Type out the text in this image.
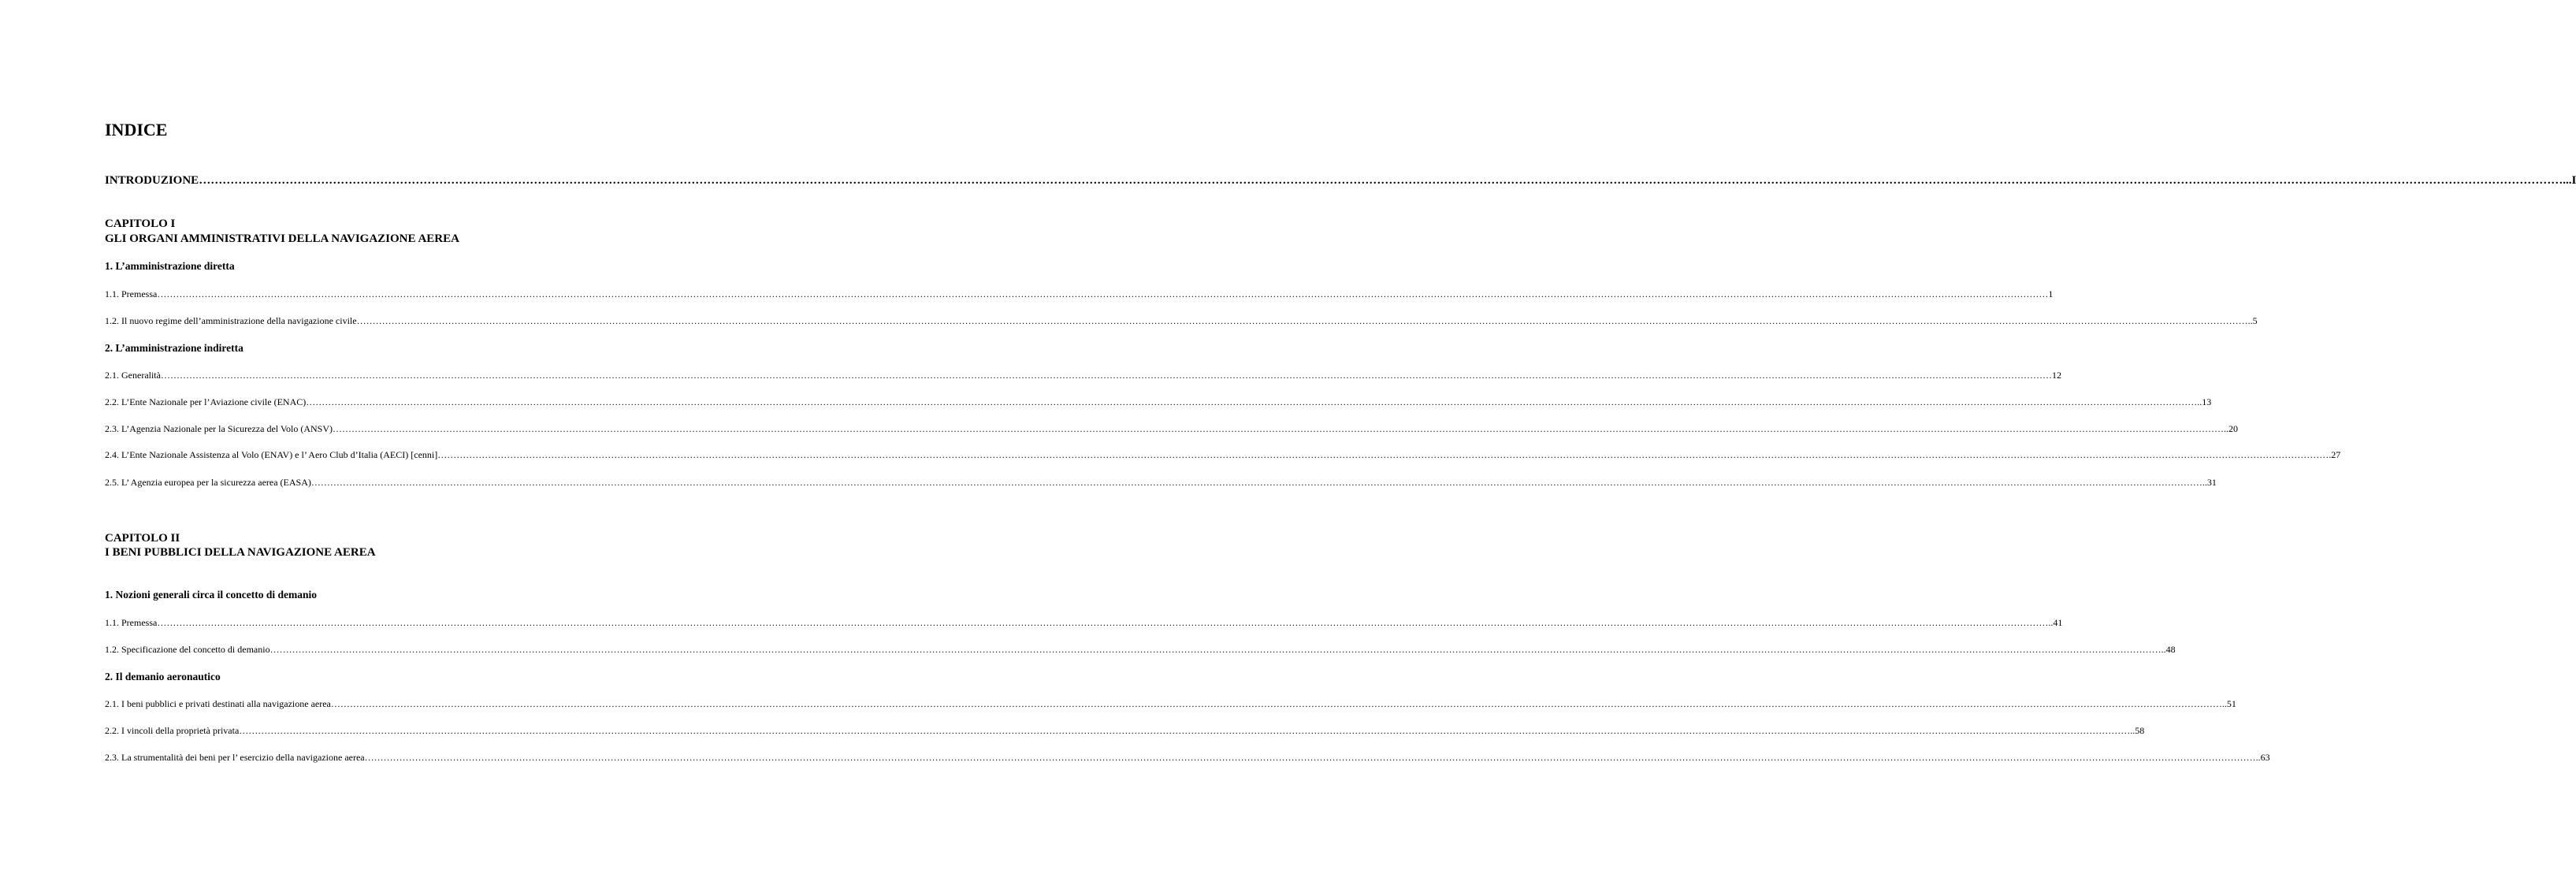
INDICE
INTRODUZIONE …………………………………………………………………………………………………………………………………………………………………………………………………………………………………………………………………………………………………………………………………………………………………………………………………………………………………………………………………………………………………………………………………………………… ...I
CAPITOLO I
GLI ORGANI AMMINISTRATIVI DELLA NAVIGAZIONE AEREA
1. L’amministrazione diretta
1.1. Premessa …………………………………………………………………………………………………………………………………………………………………………………………………………………………………………………………………………………………………………………………………………………………………………………………………………………………………………………………………………………………………………………………………………………… 1
1.2. Il nuovo regime dell’amministrazione della navigazione civile …………………………………………………………………………………………………………………………………………………………………………………………………………………………………………………………………………………………………………………………………………………………………………………………………………………………………………………………………………………………………………………………………………………… ..5
2. L’amministrazione indiretta
2.1. Generalità …………………………………………………………………………………………………………………………………………………………………………………………………………………………………………………………………………………………………………………………………………………………………………………………………………………………………………………………………………………………………………………………………………………… 12
2.2. L’Ente Nazionale per l’Aviazione civile (ENAC) …………………………………………………………………………………………………………………………………………………………………………………………………………………………………………………………………………………………………………………………………………………………………………………………………………………………………………………………………………………………………………………………………………………… ..13
2.3. L’Agenzia Nazionale per la Sicurezza del Volo (ANSV) …………………………………………………………………………………………………………………………………………………………………………………………………………………………………………………………………………………………………………………………………………………………………………………………………………………………………………………………………………………………………………………………………………………… ..20
2.4. L’Ente Nazionale Assistenza al Volo (ENAV) e l’ Aero Club d’Italia (AECI) [cenni] …………………………………………………………………………………………………………………………………………………………………………………………………………………………………………………………………………………………………………………………………………………………………………………………………………………………………………………………………………………………………………………………………………………… .27
2.5. L’ Agenzia europea per la sicurezza aerea (EASA) …………………………………………………………………………………………………………………………………………………………………………………………………………………………………………………………………………………………………………………………………………………………………………………………………………………………………………………………………………………………………………………………………………………… ..31
CAPITOLO II
I BENI PUBBLICI DELLA NAVIGAZIONE AEREA
1. Nozioni generali circa il concetto di demanio
1.1. Premessa …………………………………………………………………………………………………………………………………………………………………………………………………………………………………………………………………………………………………………………………………………………………………………………………………………………………………………………………………………………………………………………………………………………… ..41
1.2. Specificazione del concetto di demanio …………………………………………………………………………………………………………………………………………………………………………………………………………………………………………………………………………………………………………………………………………………………………………………………………………………………………………………………………………………………………………………………………………………… ..48
2. Il demanio aeronautico
2.1. I beni pubblici e privati destinati alla navigazione aerea …………………………………………………………………………………………………………………………………………………………………………………………………………………………………………………………………………………………………………………………………………………………………………………………………………………………………………………………………………………………………………………………………………………… ..51
2.2. I vincoli della proprietà privata …………………………………………………………………………………………………………………………………………………………………………………………………………………………………………………………………………………………………………………………………………………………………………………………………………………………………………………………………………………………………………………………………………………… ..58
2.3. La strumentalità dei beni per l’ esercizio della navigazione aerea …………………………………………………………………………………………………………………………………………………………………………………………………………………………………………………………………………………………………………………………………………………………………………………………………………………………………………………………………………………………………………………………………………………… ..63
